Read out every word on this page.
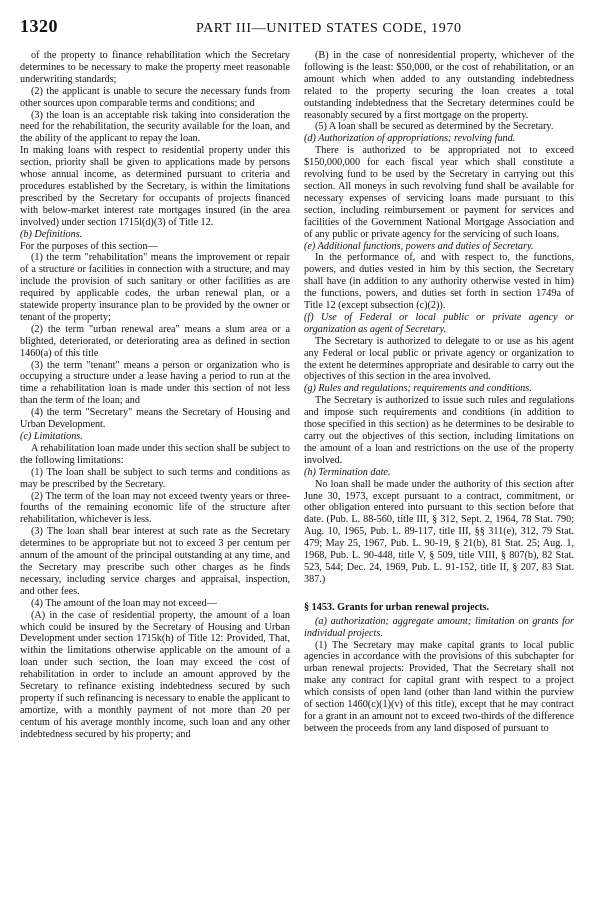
1320	PART III—UNITED STATES CODE, 1970

of the property to finance rehabilitation which the Secretary determines to be necessary to make the property meet reasonable underwriting standards;

(2) the applicant is unable to secure the necessary funds from other sources upon comparable terms and conditions; and

(3) the loan is an acceptable risk taking into consideration the need for the rehabilitation, the security available for the loan, and the ability of the applicant to repay the loan.

In making loans with respect to residential property under this section, priority shall be given to applications made by persons whose annual income, as determined pursuant to criteria and procedures established by the Secretary, is within the limitations prescribed by the Secretary for occupants of projects financed with below-market interest rate mortgages insured (in the area involved) under section 1715l(d)(3) of Title 12.

(b) Definitions.

For the purposes of this section—

(1) the term "rehabilitation" means the improvement or repair of a structure or facilities in connection with a structure, and may include the provision of such sanitary or other facilities as are required by applicable codes, the urban renewal plan, or a statewide property insurance plan to be provided by the owner or tenant of the property;

(2) the term "urban renewal area" means a slum area or a blighted, deteriorated, or deteriorating area as defined in section 1460(a) of this title

(3) the term "tenant" means a person or organization who is occupying a structure under a lease having a period to run at the time a rehabilitation loan is made under this section of not less than the term of the loan; and

(4) the term "Secretary" means the Secretary of Housing and Urban Development.

(c) Limitations.

A rehabilitation loan made under this section shall be subject to the following limitations:

(1) The loan shall be subject to such terms and conditions as may be prescribed by the Secretary.

(2) The term of the loan may not exceed twenty years or three-fourths of the remaining economic life of the structure after rehabilitation, whichever is less.

(3) The loan shall bear interest at such rate as the Secretary determines to be appropriate but not to exceed 3 per centum per annum of the amount of the principal outstanding at any time, and the Secretary may prescribe such other charges as he finds necessary, including service charges and appraisal, inspection, and other fees.

(4) The amount of the loan may not exceed—

(A) in the case of residential property, the amount of a loan which could be insured by the Secretary of Housing and Urban Development under section 1715k(h) of Title 12: Provided, That, within the limitations otherwise applicable on the amount of a loan under such section, the loan may exceed the cost of rehabilitation in order to include an amount approved by the Secretary to refinance existing indebtedness secured by such property if such refinancing is necessary to enable the applicant to amortize, with a monthly payment of not more than 20 per centum of his average monthly income, such loan and any other indebtedness secured by his property; and

(B) in the case of nonresidential property, whichever of the following is the least: $50,000, or the cost of rehabilitation, or an amount which when added to any outstanding indebtedness related to the property securing the loan creates a total outstanding indebtedness that the Secretary determines could be reasonably secured by a first mortgage on the property.

(5) A loan shall be secured as determined by the Secretary.

(d) Authorization of appropriations; revolving fund.

There is authorized to be appropriated not to exceed $150,000,000 for each fiscal year which shall constitute a revolving fund to be used by the Secretary in carrying out this section. All moneys in such revolving fund shall be available for necessary expenses of servicing loans made pursuant to this section, including reimbursement or payment for services and facilities of the Government National Mortgage Association and of any public or private agency for the servicing of such loans.

(e) Additional functions, powers and duties of Secretary.

In the performance of, and with respect to, the functions, powers, and duties vested in him by this section, the Secretary shall have (in addition to any authority otherwise vested in him) the functions, powers, and duties set forth in section 1749a of Title 12 (except subsection (c)(2)).

(f) Use of Federal or local public or private agency or organization as agent of Secretary.

The Secretary is authorized to delegate to or use as his agent any Federal or local public or private agency or organization to the extent he determines appropriate and desirable to carry out the objectives of this section in the area involved.

(g) Rules and regulations; requirements and conditions.

The Secretary is authorized to issue such rules and regulations and impose such requirements and conditions (in addition to those specified in this section) as he determines to be desirable to carry out the objectives of this section, including limitations on the amount of a loan and restrictions on the use of the property involved.

(h) Termination date.

No loan shall be made under the authority of this section after June 30, 1973, except pursuant to a contract, commitment, or other obligation entered into pursuant to this section before that date. (Pub. L. 88-560, title III, § 312, Sept. 2, 1964, 78 Stat. 790; Aug. 10, 1965, Pub. L. 89-117, title III, §§ 311(e), 312, 79 Stat. 479; May 25, 1967, Pub. L. 90-19, § 21(b), 81 Stat. 25; Aug. 1, 1968, Pub. L. 90-448, title V, § 509, title VIII, § 807(b), 82 Stat. 523, 544; Dec. 24, 1969, Pub. L. 91-152, title II, § 207, 83 Stat. 387.)

§ 1453. Grants for urban renewal projects.

(a) authorization; aggregate amount; limitation on grants for individual projects.

(1) The Secretary may make capital grants to local public agencies in accordance with the provisions of this subchapter for urban renewal projects: Provided, That the Secretary shall not make any contract for capital grant with respect to a project which consists of open land (other than land within the purview of section 1460(c)(1)(v) of this title), except that he may contract for a grant in an amount not to exceed two-thirds of the difference between the proceeds from any land disposed of pursuant to
